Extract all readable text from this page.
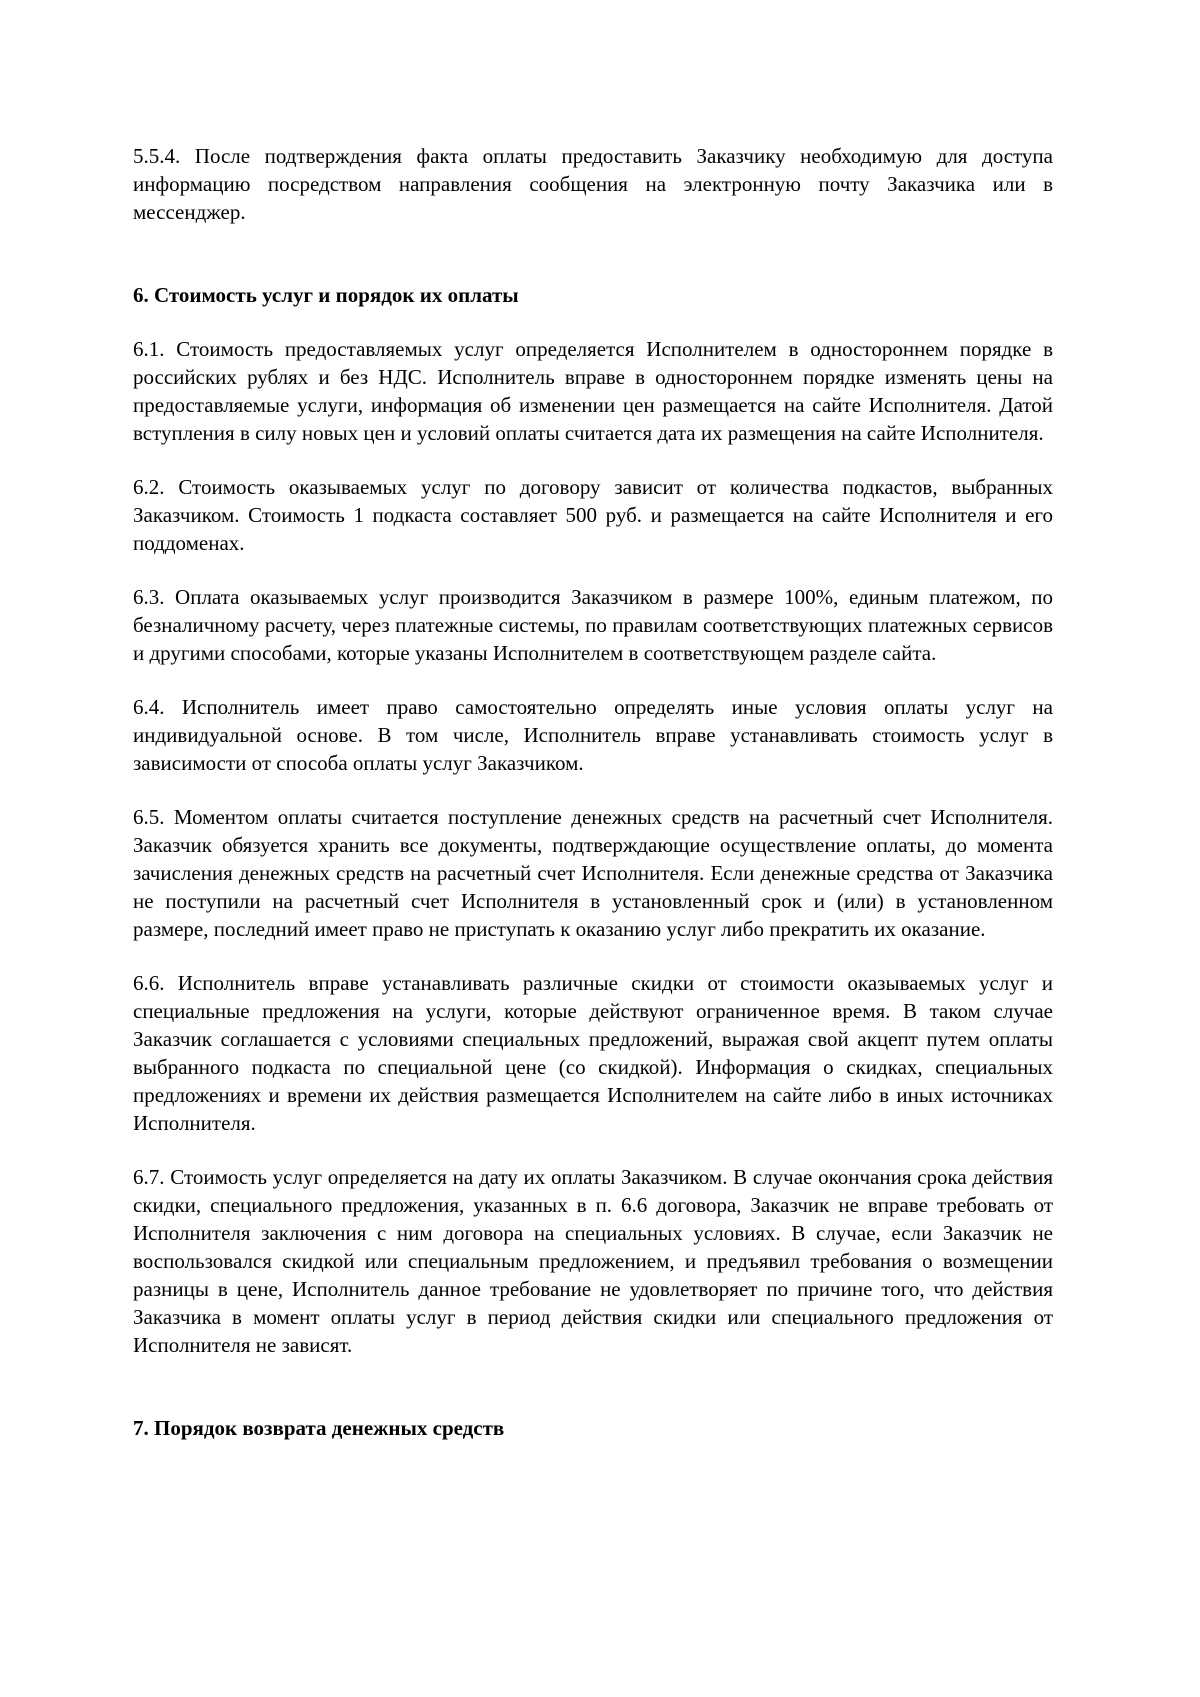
5.5.4. После подтверждения факта оплаты предоставить Заказчику необходимую для доступа информацию посредством направления сообщения на электронную почту Заказчика или в мессенджер.

6. Стоимость услуг и порядок их оплаты

6.1. Стоимость предоставляемых услуг определяется Исполнителем в одностороннем порядке в российских рублях и без НДС. Исполнитель вправе в одностороннем порядке изменять цены на предоставляемые услуги, информация об изменении цен размещается на сайте Исполнителя. Датой вступления в силу новых цен и условий оплаты считается дата их размещения на сайте Исполнителя.

6.2. Стоимость оказываемых услуг по договору зависит от количества подкастов, выбранных Заказчиком. Стоимость 1 подкаста составляет 500 руб. и размещается на сайте Исполнителя и его поддоменах.

6.3. Оплата оказываемых услуг производится Заказчиком в размере 100%, единым платежом, по безналичному расчету, через платежные системы, по правилам соответствующих платежных сервисов и другими способами, которые указаны Исполнителем в соответствующем разделе сайта.

6.4. Исполнитель имеет право самостоятельно определять иные условия оплаты услуг на индивидуальной основе. В том числе, Исполнитель вправе устанавливать стоимость услуг в зависимости от способа оплаты услуг Заказчиком.

6.5. Моментом оплаты считается поступление денежных средств на расчетный счет Исполнителя. Заказчик обязуется хранить все документы, подтверждающие осуществление оплаты, до момента зачисления денежных средств на расчетный счет Исполнителя. Если денежные средства от Заказчика не поступили на расчетный счет Исполнителя в установленный срок и (или) в установленном размере, последний имеет право не приступать к оказанию услуг либо прекратить их оказание.

6.6. Исполнитель вправе устанавливать различные скидки от стоимости оказываемых услуг и специальные предложения на услуги, которые действуют ограниченное время. В таком случае Заказчик соглашается с условиями специальных предложений, выражая свой акцепт путем оплаты выбранного подкаста по специальной цене (со скидкой). Информация о скидках, специальных предложениях и времени их действия размещается Исполнителем на сайте либо в иных источниках Исполнителя.

6.7. Стоимость услуг определяется на дату их оплаты Заказчиком. В случае окончания срока действия скидки, специального предложения, указанных в п. 6.6 договора, Заказчик не вправе требовать от Исполнителя заключения с ним договора на специальных условиях. В случае, если Заказчик не воспользовался скидкой или специальным предложением, и предъявил требования о возмещении разницы в цене, Исполнитель данное требование не удовлетворяет по причине того, что действия Заказчика в момент оплаты услуг в период действия скидки или специального предложения от Исполнителя не зависят.

7. Порядок возврата денежных средств
